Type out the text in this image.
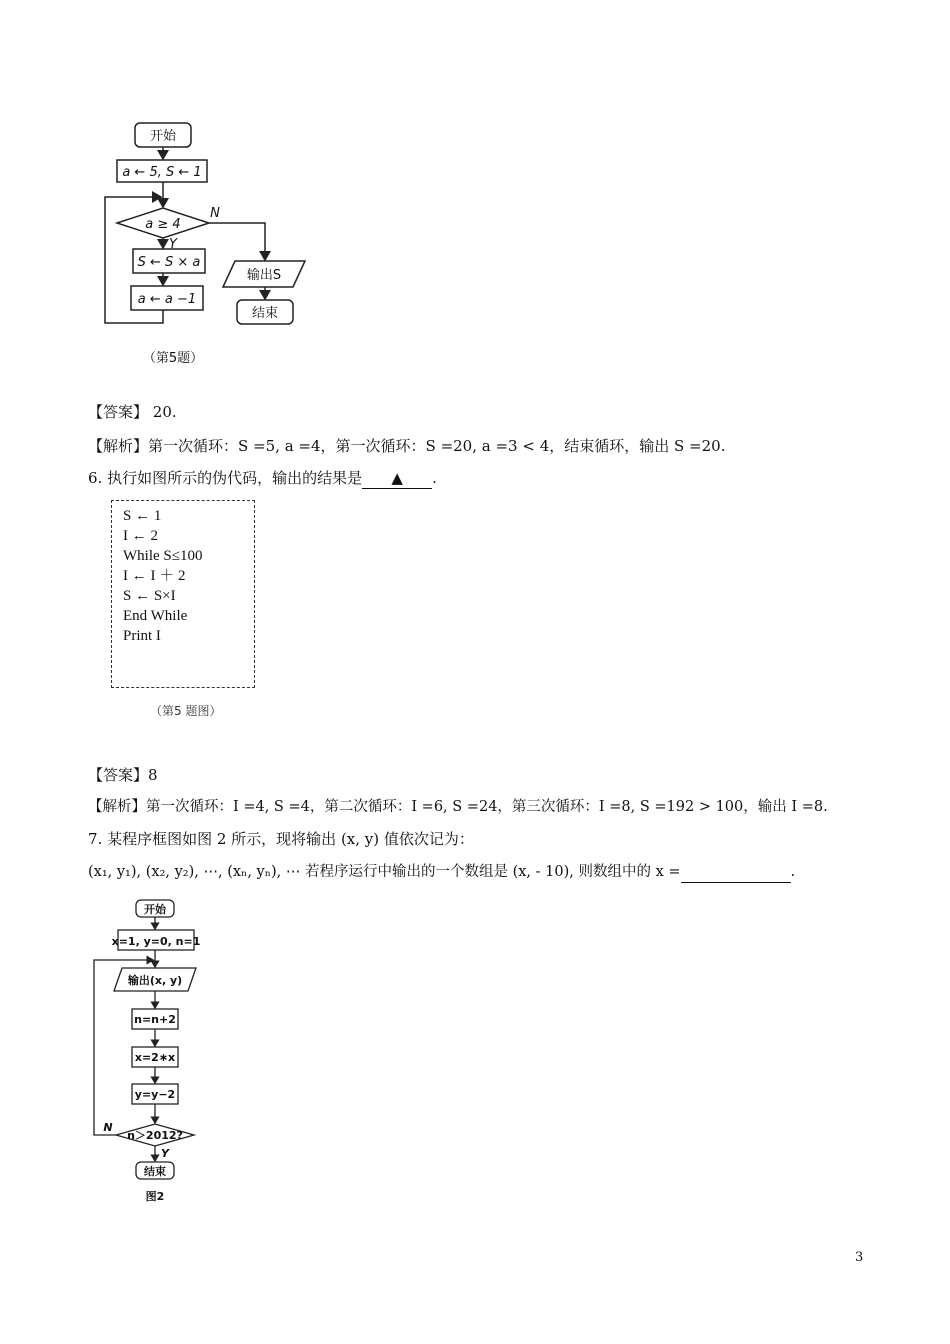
开始
a ← 5, S ← 1
a ≥ 4
N
Y
S ← S × a
a ← a −1
输出S
结束
（第5题）
【答案】 20.
【解析】第一次循环：S =5, a =4，第一次循环：S =20, a =3 < 4，结束循环，输出 S =20.
6. 执行如图所示的伪代码，输出的结果是 ▲ .
S ← 1
I ← 2
While S≤100
I ← I ＋ 2
S ← S×I
End While
Print I
（第5 题图）
【答案】8
【解析】第一次循环：I =4, S =4，第二次循环：I =6, S =24，第三次循环：I =8, S =192 > 100，输出 I =8.
7. 某程序框图如图 2 所示，现将输出 (x, y) 值依次记为：
(x₁, y₁), (x₂, y₂), ⋯, (xₙ, yₙ), ⋯ 若程序运行中输出的一个数组是 (x, - 10), 则数组中的 x =	.
开始
x=1, y=0, n=1
输出(x, y)
n=n+2
x=2∗x
y=y−2
n＞2012?
N
Y
结束
图2
3
